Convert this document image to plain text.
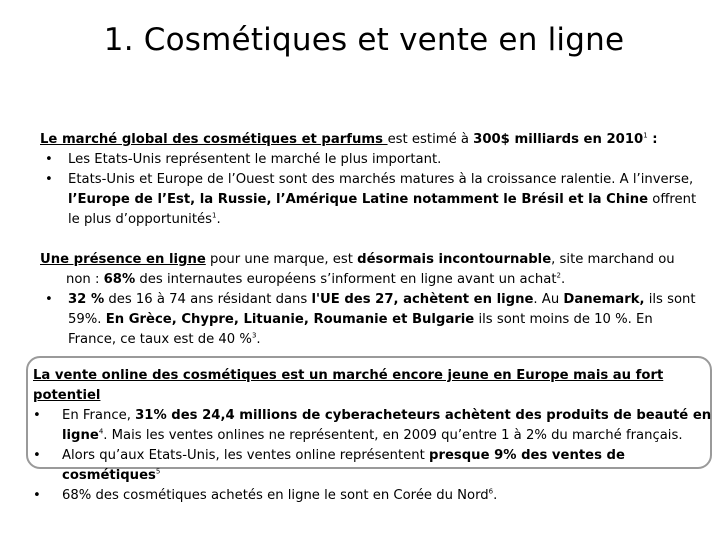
1. Cosmétiques et vente en ligne
Le marché global des cosmétiques et parfums est estimé à 300$ milliards en 2010$^1$ :
• Les Etats-Unis représentent le marché le plus important.
• Etats-Unis et Europe de l’Ouest sont des marchés matures à la croissance ralentie. A l’inverse, l’Europe de l’Est, la Russie, l’Amérique Latine notamment le Brésil et la Chine offrent le plus d’opportunités$^1$.
Une présence en ligne pour une marque, est désormais incontournable, site marchand ou non : 68% des internautes européens s’informent en ligne avant un achat$^2$.
• 32 % des 16 à 74 ans résidant dans l'UE des 27, achètent en ligne. Au Danemark, ils sont 59%. En Grèce, Chypre, Lituanie, Roumanie et Bulgarie ils sont moins de 10 %. En France, ce taux est de 40 %$^3$.
La vente online des cosmétiques est un marché encore jeune en Europe mais au fort potentiel
• En France, 31% des 24,4 millions de cyberacheteurs achètent des produits de beauté en ligne$^4$. Mais les ventes onlines ne représentent, en 2009 qu’entre 1 à 2% du marché français.
• Alors qu’aux Etats-Unis, les ventes online représentent presque 9% des ventes de cosmétiques$^5$
• 68% des cosmétiques achetés en ligne le sont en Corée du Nord$^6$.
